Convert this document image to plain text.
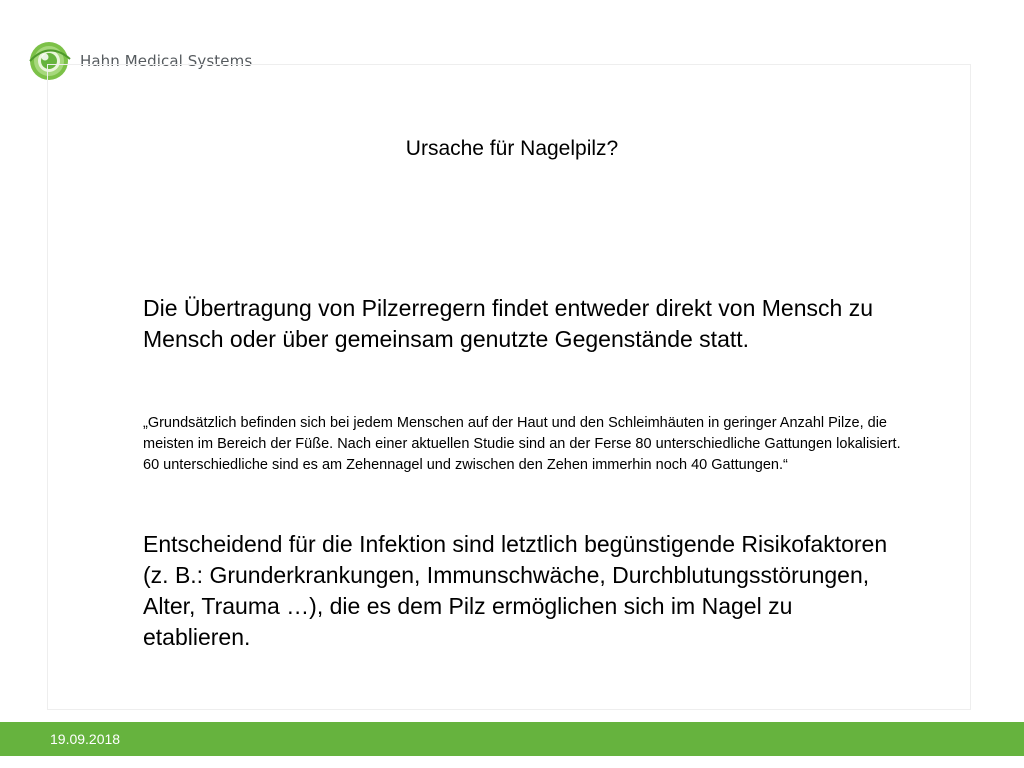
Hahn Medical Systems
Ursache für Nagelpilz?

Die Übertragung von Pilzerregern findet entweder direkt von Mensch zu Mensch oder über gemeinsam genutzte Gegenstände statt.

„Grundsätzlich befinden sich bei jedem Menschen auf der Haut und den Schleimhäuten in geringer Anzahl Pilze, die meisten im Bereich der Füße. Nach einer aktuellen Studie sind an der Ferse 80 unterschiedliche Gattungen lokalisiert. 60 unterschiedliche sind es am Zehennagel und zwischen den Zehen immerhin noch 40 Gattungen.“

Entscheidend für die Infektion sind letztlich begünstigende Risikofaktoren (z. B.: Grunderkrankungen, Immunschwäche, Durchblutungsstörungen, Alter, Trauma …), die es dem Pilz ermöglichen sich im Nagel zu etablieren.

19.09.2018
